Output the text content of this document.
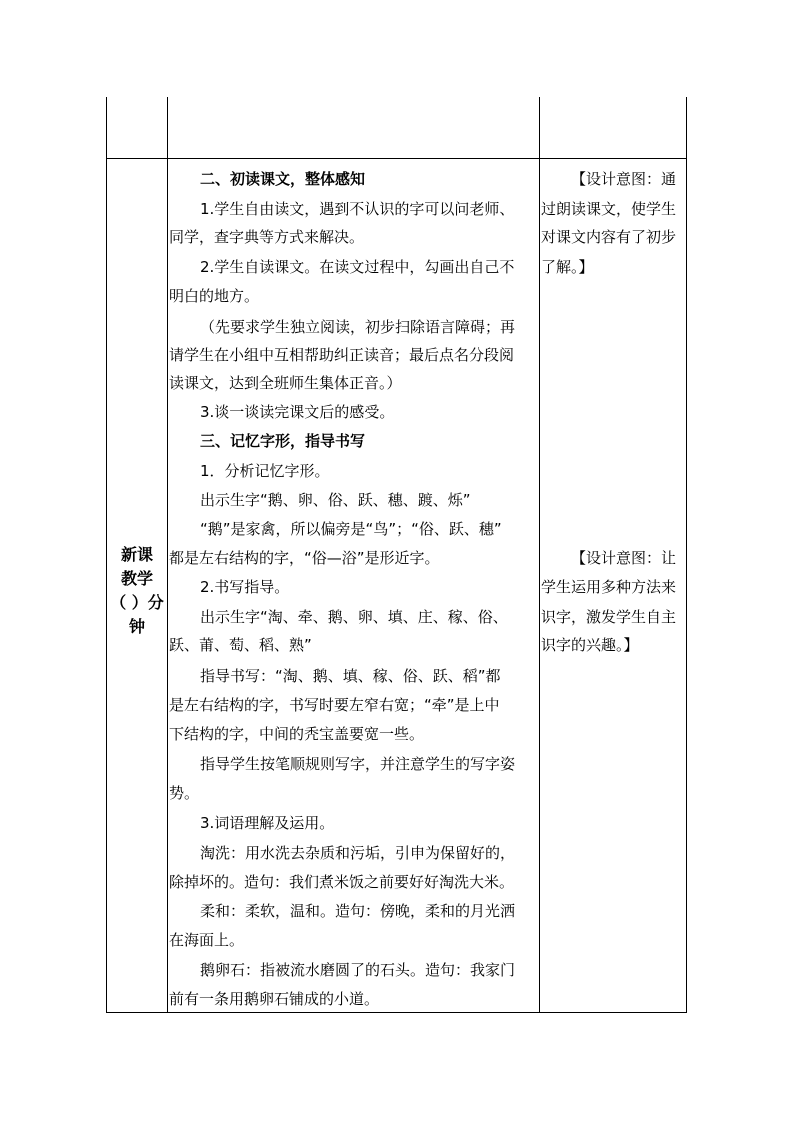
新课
教学
（ ）分
钟
二、初读课文，整体感知
1.学生自由读文，遇到不认识的字可以问老师、
同学，查字典等方式来解决。
2.学生自读课文。在读文过程中，勾画出自己不
明白的地方。
（先要求学生独立阅读，初步扫除语言障碍；再
请学生在小组中互相帮助纠正读音；最后点名分段阅
读课文，达到全班师生集体正音。）
3.谈一谈读完课文后的感受。
三、记忆字形，指导书写
1．分析记忆字形。
出示生字“鹅、卵、俗、跃、穗、踱、烁”
“鹅”是家禽，所以偏旁是“鸟”；“俗、跃、穗”
都是左右结构的字，“俗—浴”是形近字。
2.书写指导。
出示生字“淘、牵、鹅、卵、填、庄、稼、俗、
跃、莆、萄、稻、熟”
指导书写：“淘、鹅、填、稼、俗、跃、稻”都
是左右结构的字，书写时要左窄右宽；“牵”是上中
下结构的字，中间的秃宝盖要宽一些。
指导学生按笔顺规则写字，并注意学生的写字姿
势。
3.词语理解及运用。
淘洗：用水洗去杂质和污垢，引申为保留好的，
除掉坏的。造句：我们煮米饭之前要好好淘洗大米。
柔和：柔软，温和。造句：傍晚，柔和的月光洒
在海面上。
鹅卵石：指被流水磨圆了的石头。造句：我家门
前有一条用鹅卵石铺成的小道。
【设计意图：通
过朗读课文，使学生
对课文内容有了初步
了解。】
【设计意图：让
学生运用多种方法来
识字，激发学生自主
识字的兴趣。】
